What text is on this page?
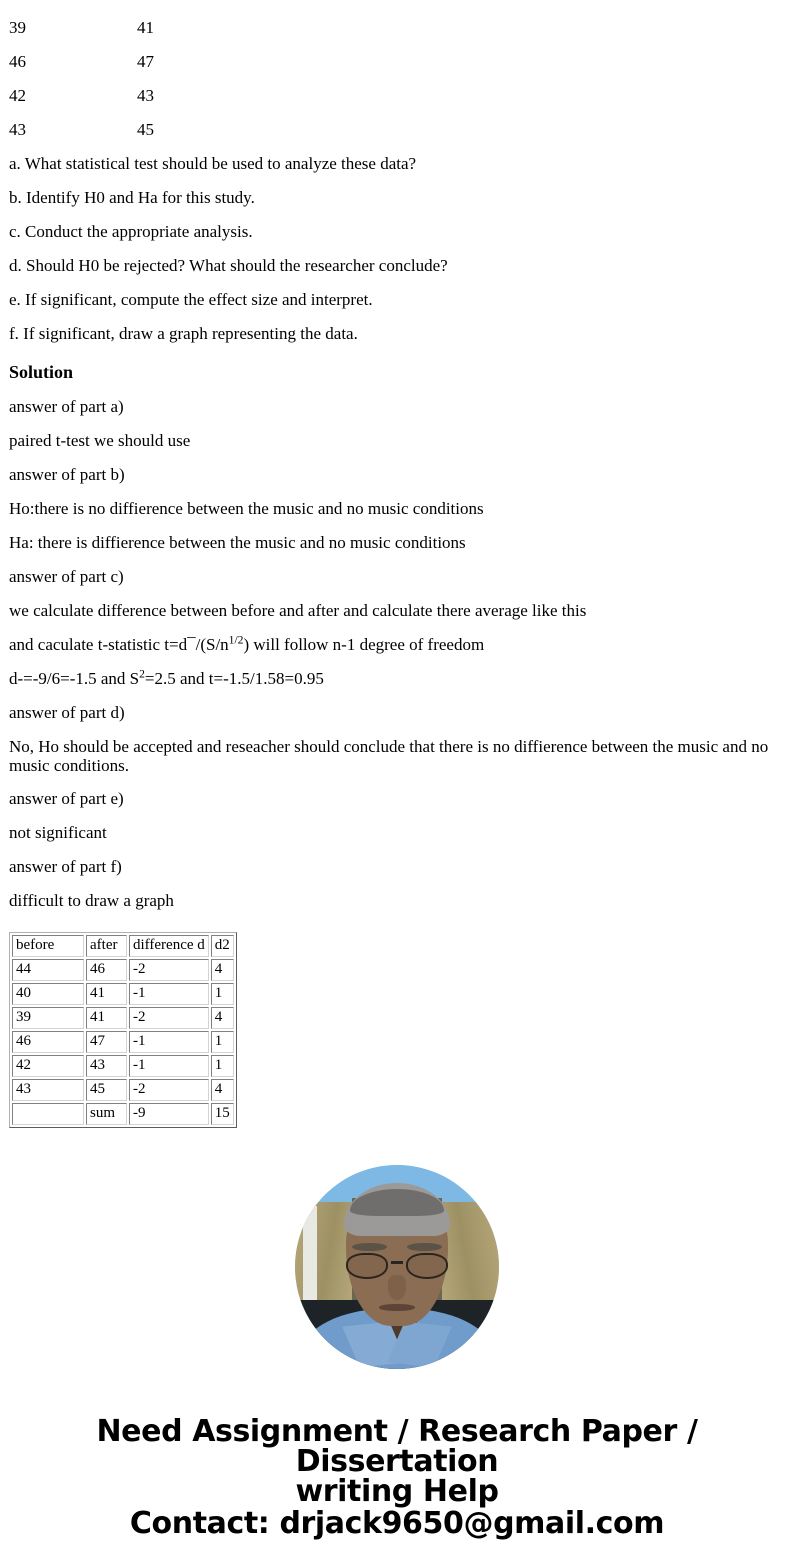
39	41
46	47
42	43
43	45

a. What statistical test should be used to analyze these data?

b. Identify H0 and Ha for this study.

c. Conduct the appropriate analysis.

d. Should H0 be rejected? What should the researcher conclude?

e. If significant, compute the effect size and interpret.

f. If significant, draw a graph representing the data.

Solution

answer of part a)

paired t-test we should use

answer of part b)

Ho:there is no diffierence between the music and no music conditions

Ha: there is diffierence between the music and no music conditions

answer of part c)

we calculate difference between before and after and calculate there average like this

and caculate t-statistic $t=d¯/(S/n^{1/2})$ will follow n-1 degree of freedom

d-=-9/6=-1.5 and $S^2=2.5$ and t=-1.5/1.58=0.95

answer of part d)

No, Ho should be accepted and reseacher should conclude that there is no diffierence between the music and no music conditions.

answer of part e)

not significant

answer of part f)

difficult to draw a graph

before	after	difference d	d2
44	46	-2	4
40	41	-1	1
39	41	-2	4
46	47	-1	1
42	43	-1	1
43	45	-2	4
	sum	-9	15
Need Assignment / Research Paper / Dissertation
writing Help
Contact: drjack9650@gmail.com
